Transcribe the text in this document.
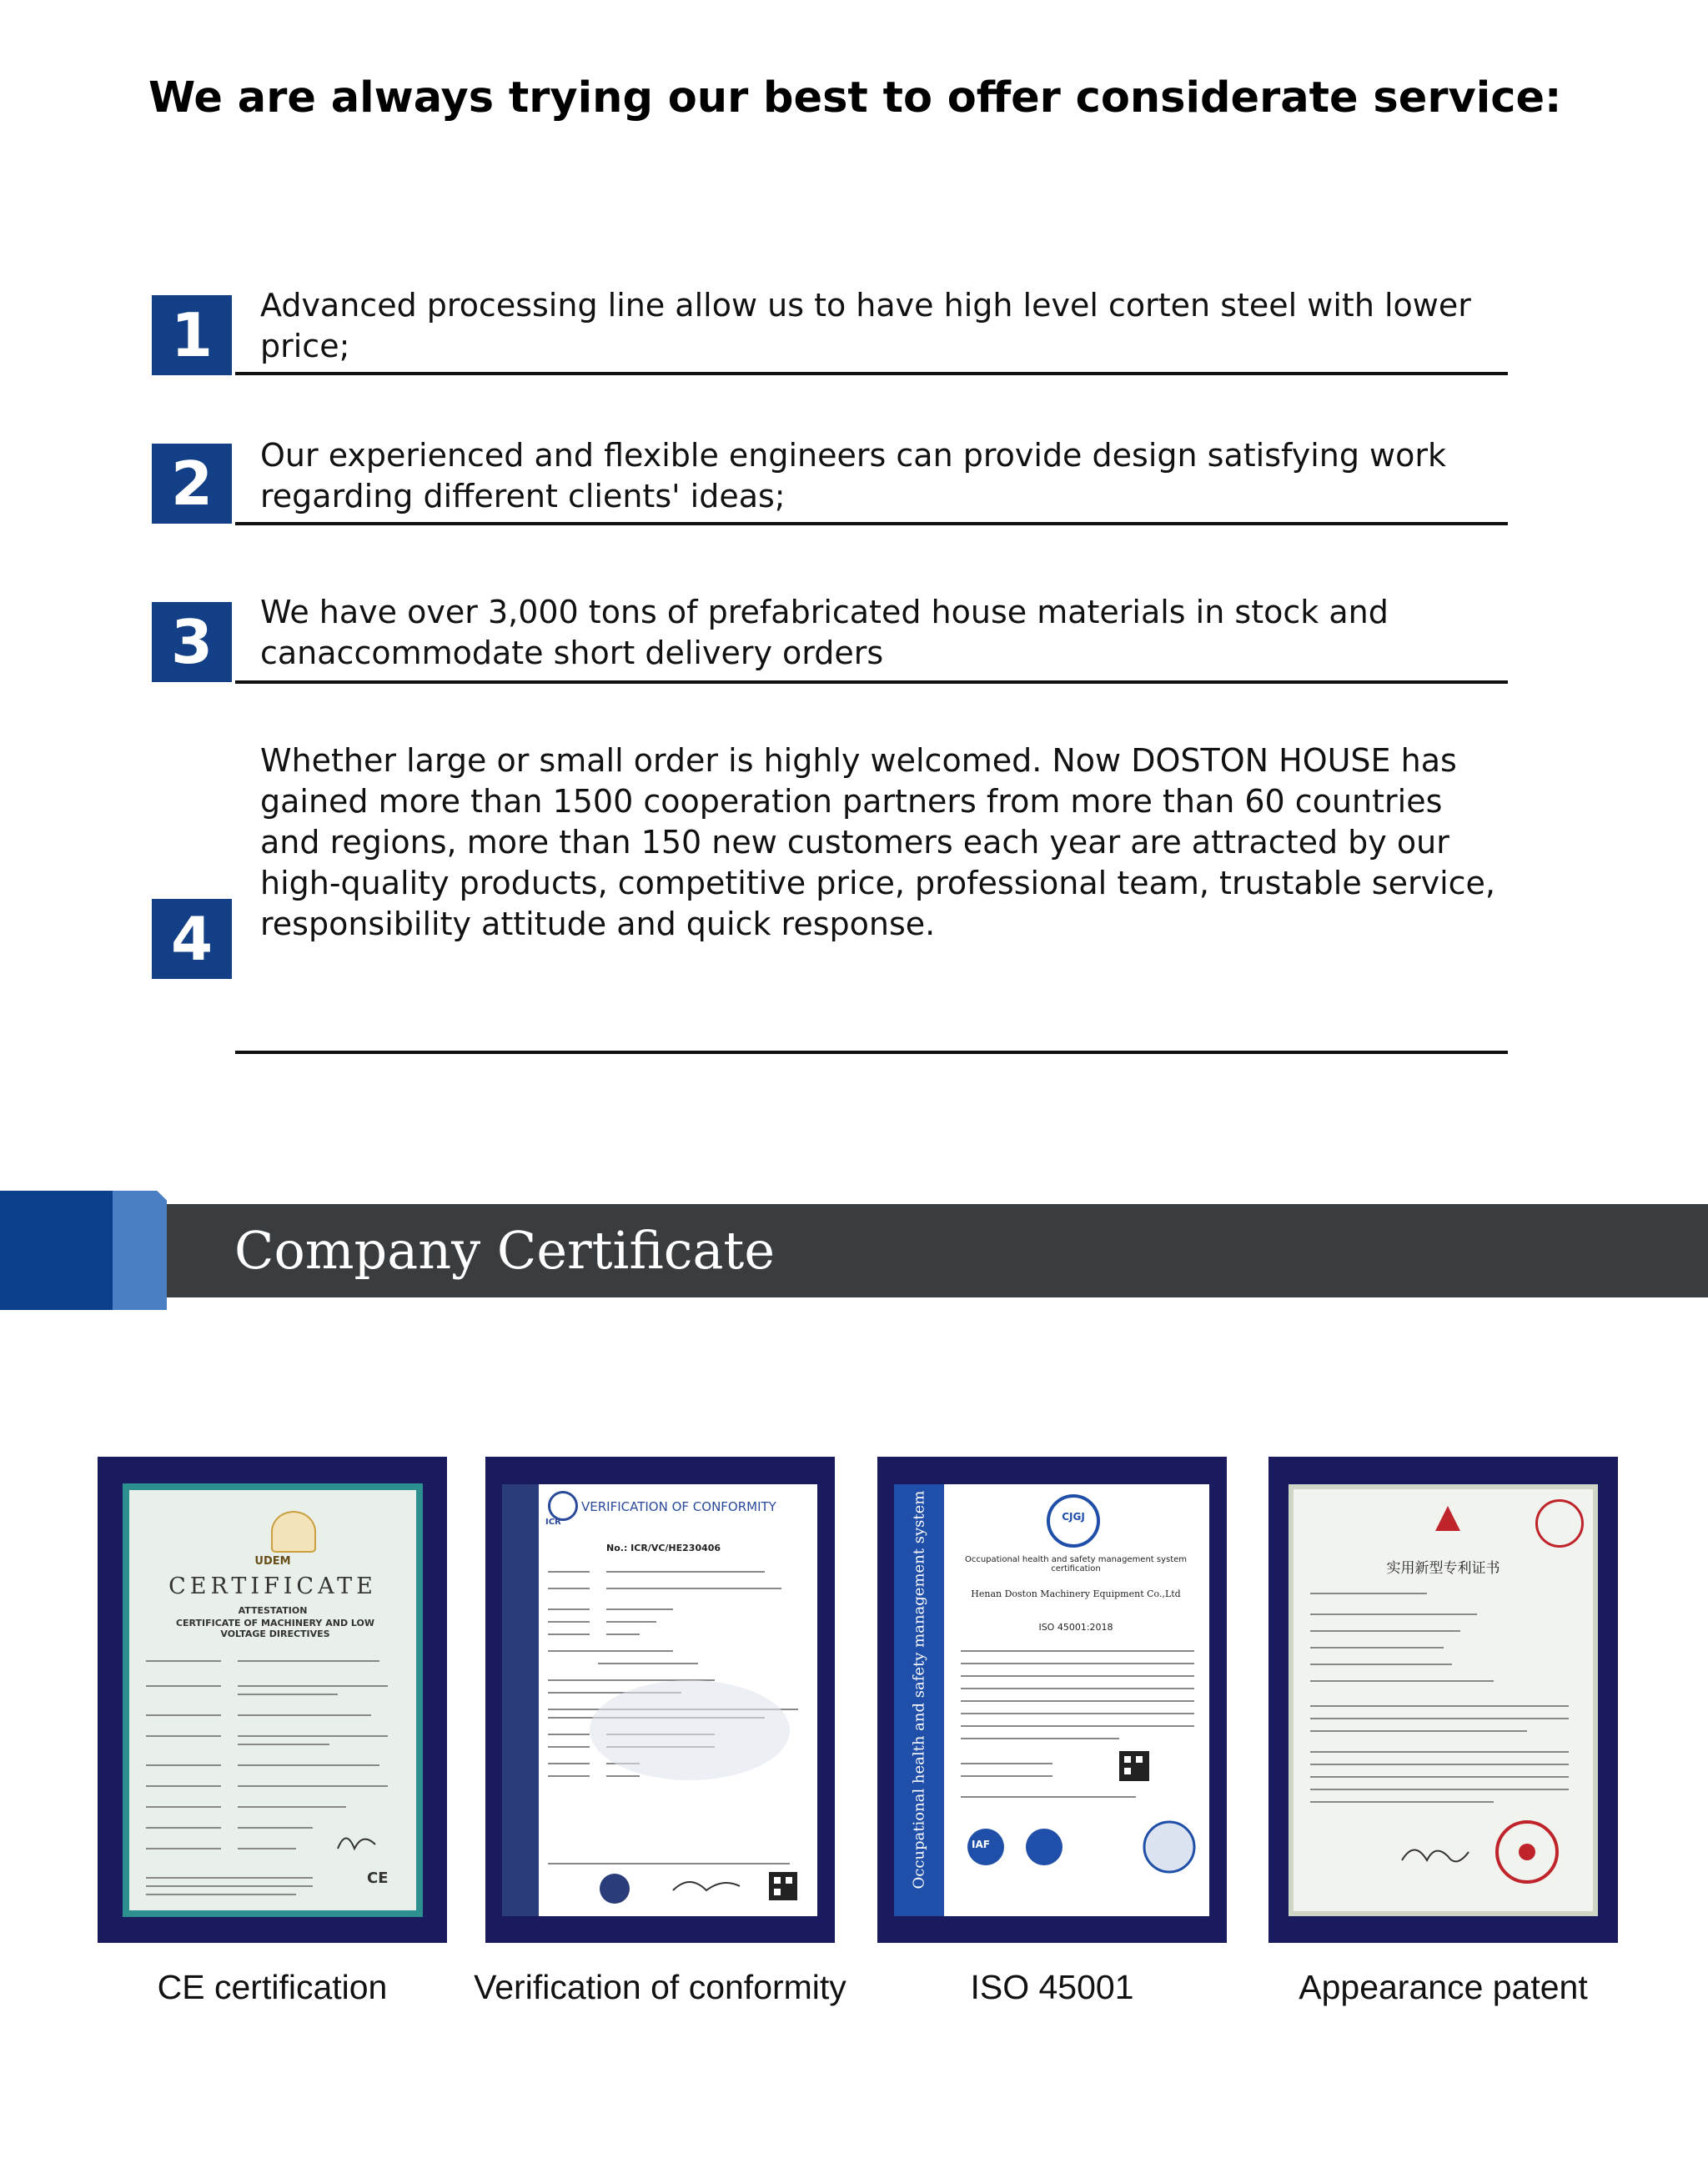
We are always trying our best to offer considerate service:
1	Advanced processing line allow us to have high level corten steel with lower price;
2	Our experienced and flexible engineers can provide design satisfying work regarding different clients' ideas;
3	We have over 3,000 tons of prefabricated house materials in stock and canaccommodate short delivery orders
4
Whether large or small order is highly welcomed. Now DOSTON HOUSE has gained more than 1500 cooperation partners from more than 60 countries and regions, more than 150 new customers each year are attracted by our high-quality products, competitive price, professional team, trustable service, responsibility attitude and quick response.
Company Certificate
UDEM
CERTIFICATE
ATTESTATION
CERTIFICATE OF MACHINERY AND LOW VOLTAGE DIRECTIVES
CE
CE certification
ICR
VERIFICATION OF CONFORMITY
No.: ICR/VC/HE230406
Verification of conformity
Occupational health and safety management system	CJGJ
Occupational health and safety management system certification
Henan Doston Machinery Equipment Co.,Ltd
ISO 45001:2018
IAF
ISO 45001
实用新型专利证书
Appearance patent
